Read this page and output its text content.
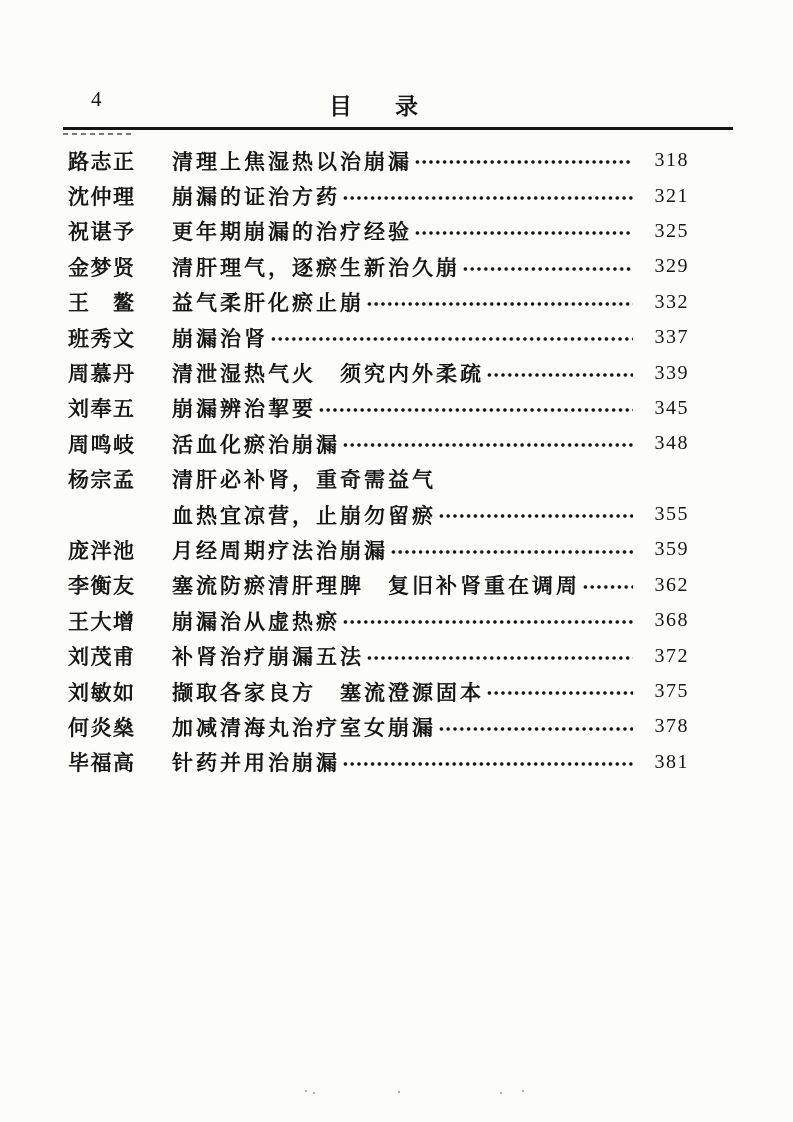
4	目　录
路志正	清理上焦湿热以治崩漏	318
沈仲理	崩漏的证治方药	321
祝谌予	更年期崩漏的治疗经验	325
金梦贤	清肝理气，逐瘀生新治久崩	329
王　鳌	益气柔肝化瘀止崩	332
班秀文	崩漏治肾	337
周慕丹	清泄湿热气火　须究内外柔疏	339
刘奉五	崩漏辨治挈要	345
周鸣岐	活血化瘀治崩漏	348
杨宗孟	清肝必补肾，重奇需益气
血热宜凉营，止崩勿留瘀	355
庞泮池	月经周期疗法治崩漏	359
李衡友	塞流防瘀清肝理脾　复旧补肾重在调周	362
王大增	崩漏治从虚热瘀	368
刘茂甫	补肾治疗崩漏五法	372
刘敏如	撷取各家良方　塞流澄源固本	375
何炎燊	加减清海丸治疗室女崩漏	378
毕福高	针药并用治崩漏	381
